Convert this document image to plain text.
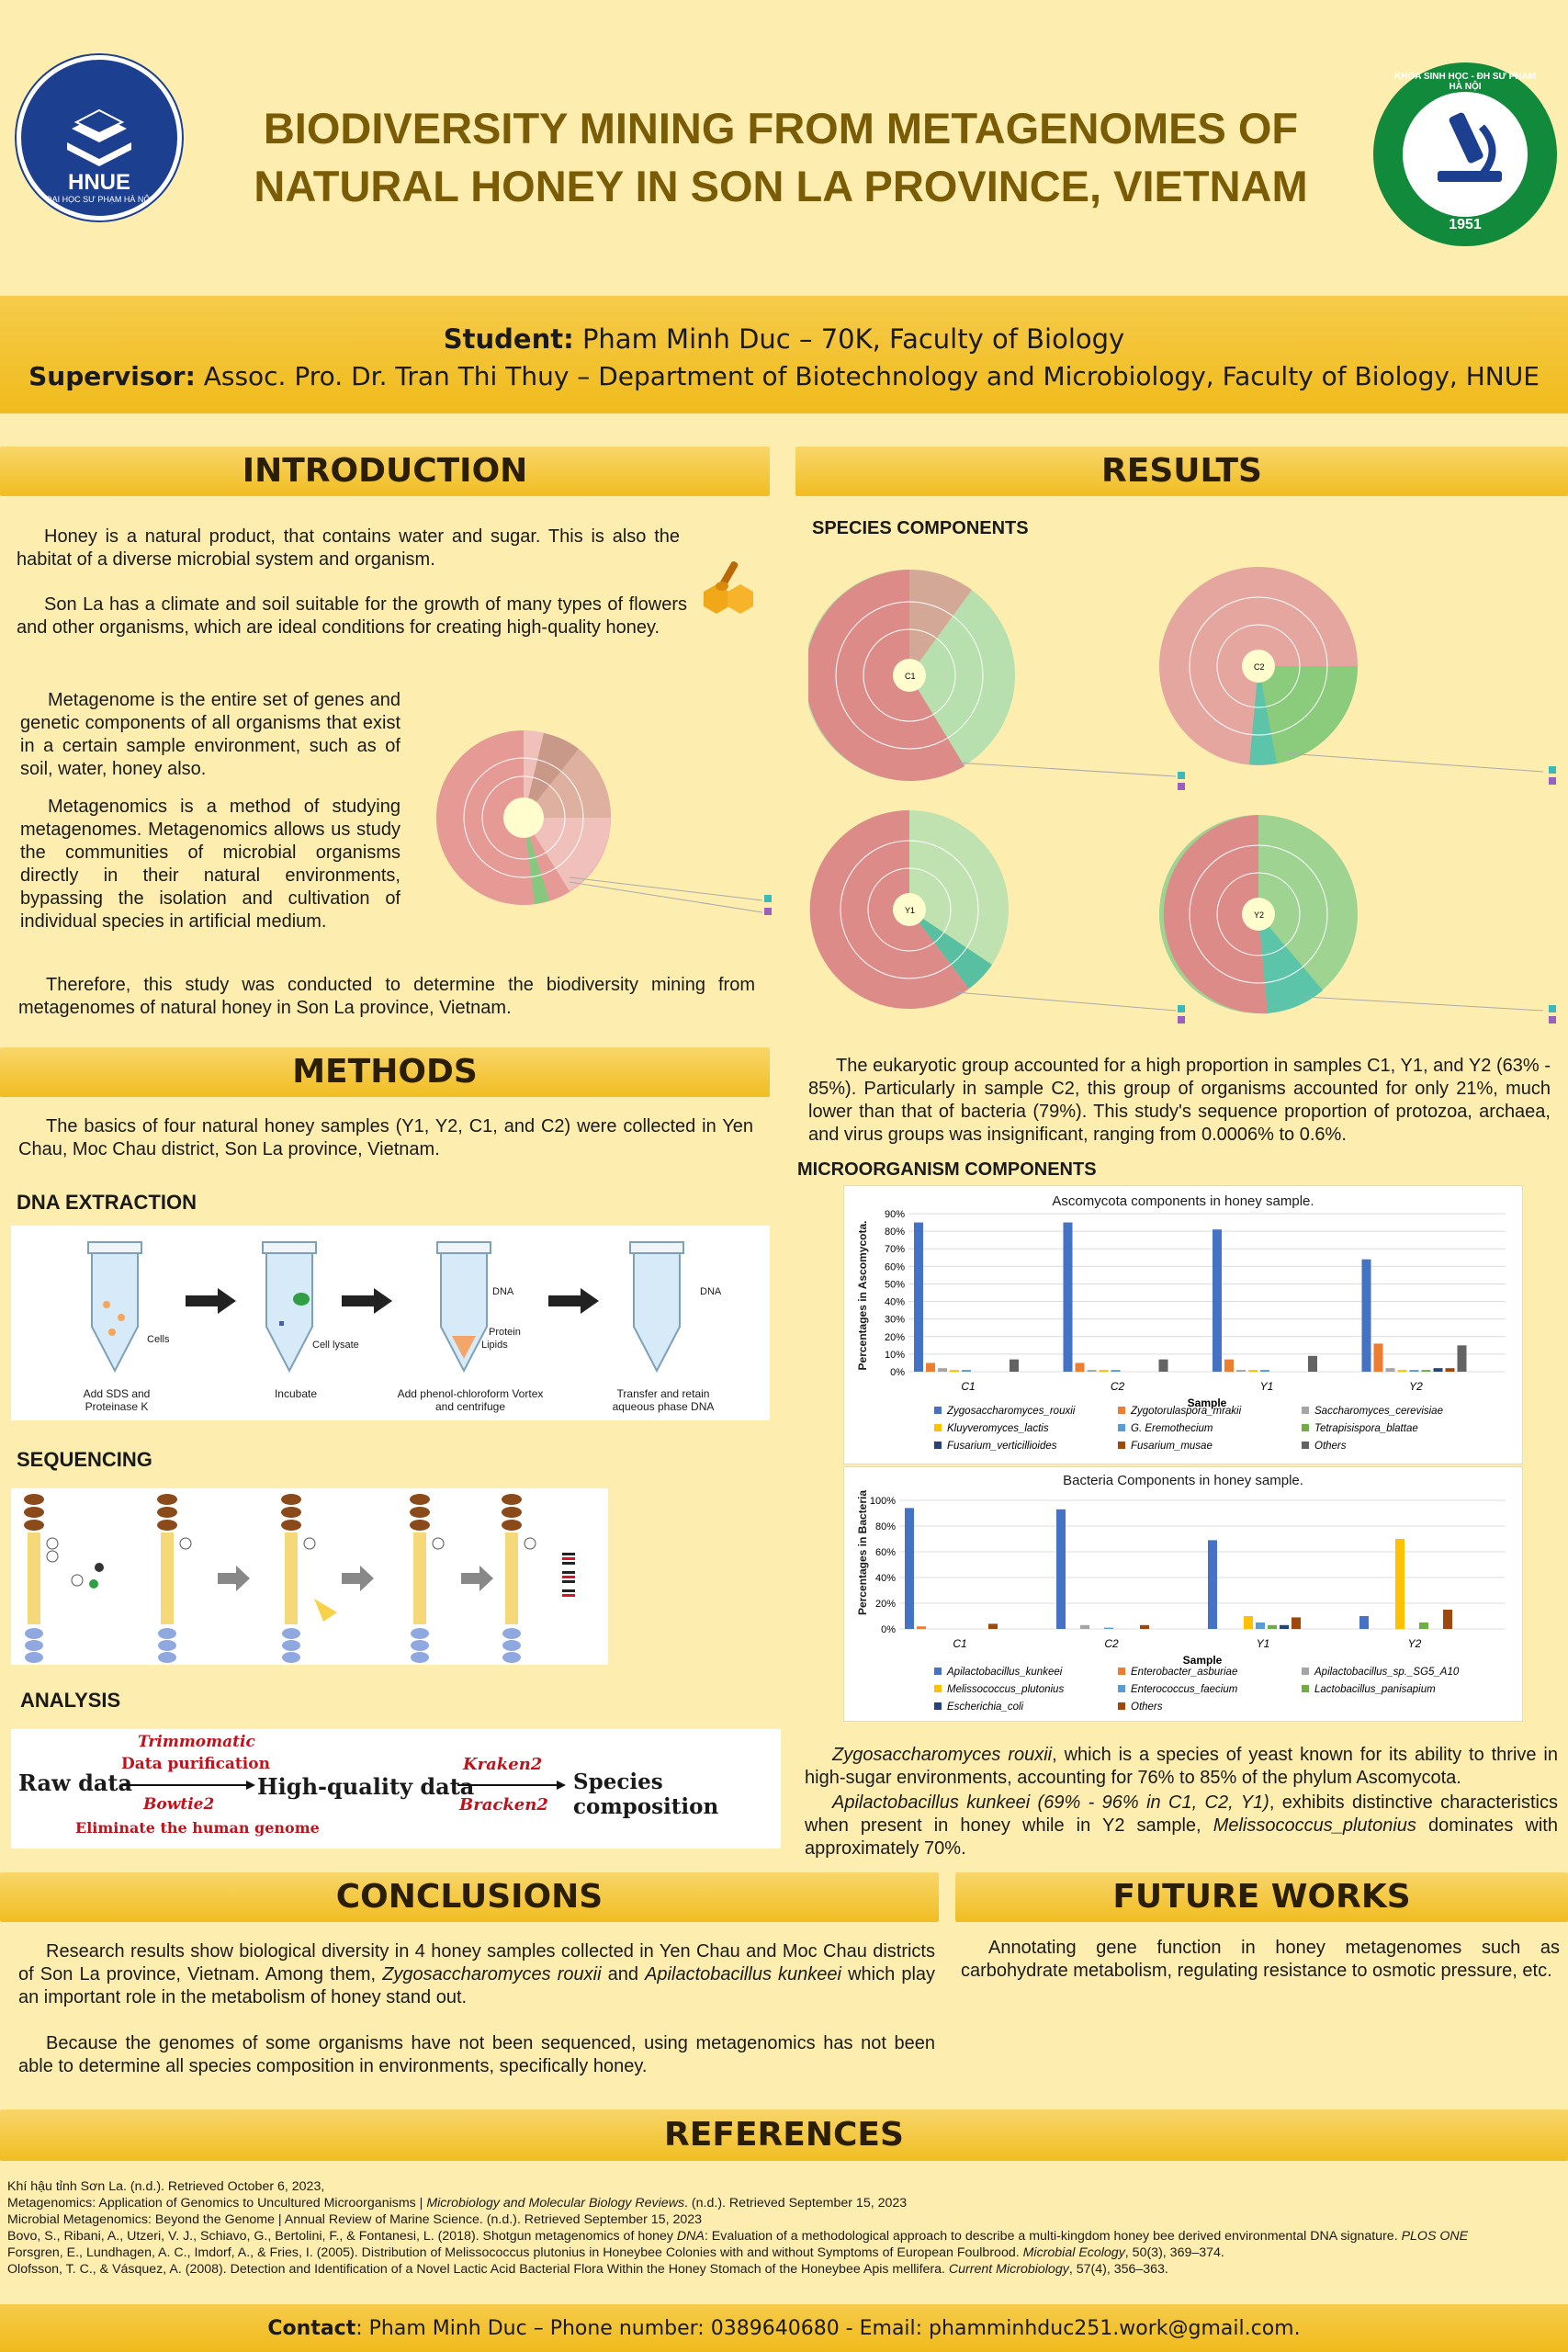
HNUE
ĐẠI HỌC SƯ PHẠM HÀ NỘI
BIODIVERSITY MINING FROM METAGENOMES OF
NATURAL HONEY IN SON LA PROVINCE, VIETNAM
KHOA SINH HỌC - ĐH SƯ PHẠM HÀ NỘI
1951
Student: Pham Minh Duc – 70K, Faculty of Biology
Supervisor: Assoc. Pro. Dr. Tran Thi Thuy – Department of Biotechnology and Microbiology, Faculty of Biology, HNUE
INTRODUCTION
Honey is a natural product, that contains water and sugar. This is also the habitat of a diverse microbial system and organism.
Son La has a climate and soil suitable for the growth of many types of flowers and other organisms, which are ideal conditions for creating high-quality honey.
Metagenome is the entire set of genes and genetic components of all organisms that exist in a certain sample environment, such as of soil, water, honey also.
Metagenomics is a method of studying metagenomes. Metagenomics allows us study the communities of microbial organisms directly in their natural environments, bypassing the isolation and cultivation of individual species in artificial medium.
Therefore, this study was conducted to determine the biodiversity mining from metagenomes of natural honey in Son La province, Vietnam.
METHODS
The basics of four natural honey samples (Y1, Y2, C1, and C2) were collected in Yen Chau, Moc Chau district, Son La province, Vietnam.
DNA EXTRACTION
Cells	Cell lysate
DNA
Protein
Lipids
DNA
Add SDS and Proteinase K
Incubate	Add phenol-chloroform Vortex and centrifuge
Transfer and retain aqueous phase DNA
SEQUENCING
ANALYSIS
Raw data
Trimmomatic
Data purification
Bowtie2
Eliminate the human genome
High-quality data
Kraken2
Bracken2
Species composition
RESULTS
SPECIES COMPONENTS
C1
C2
Y1	Y2
The eukaryotic group accounted for a high proportion in samples C1, Y1, and Y2 (63% - 85%). Particularly in sample C2, this group of organisms accounted for only 21%, much lower than that of bacteria (79%). This study's sequence proportion of protozoa, archaea, and virus groups was insignificant, ranging from 0.0006% to 0.6%.
MICROORGANISM COMPONENTS
Ascomycota components in honey sample.
Percentages in Ascomycota.
0%
10%
20%
30%
40%
50%
60%
70%
80%
90%
C1	C2	Y1	Y2
Sample
Zygosaccharomyces_rouxii	Zygotorulaspora_mrakii	Saccharomyces_cerevisiae
Kluyveromyces_lactis	G. Eremothecium	Tetrapisispora_blattae
Fusarium_verticillioides	Fusarium_musae	Others
Bacteria Components in honey sample.
Percentages in Bacteria
0%
20%
40%
60%
80%
100%
C1	C2	Y1	Y2
Sample
Apilactobacillus_kunkeei	Enterobacter_asburiae	Apilactobacillus_sp._SG5_A10
Melissococcus_plutonius	Enterococcus_faecium	Lactobacillus_panisapium
Escherichia_coli	Others
Zygosaccharomyces rouxii, which is a species of yeast known for its ability to thrive in high-sugar environments, accounting for 76% to 85% of the phylum Ascomycota.
Apilactobacillus kunkeei (69% - 96% in C1, C2, Y1), exhibits distinctive characteristics when present in honey while in Y2 sample, Melissococcus_plutonius dominates with approximately 70%.
CONCLUSIONS
Research results show biological diversity in 4 honey samples collected in Yen Chau and Moc Chau districts of Son La province, Vietnam. Among them, Zygosaccharomyces rouxii and Apilactobacillus kunkeei which play an important role in the metabolism of honey stand out.
Because the genomes of some organisms have not been sequenced, using metagenomics has not been able to determine all species composition in environments, specifically honey.
FUTURE WORKS
Annotating gene function in honey metagenomes such as carbohydrate metabolism, regulating resistance to osmotic pressure, etc.
REFERENCES
Khí hậu tỉnh Sơn La. (n.d.). Retrieved October 6, 2023,
Metagenomics: Application of Genomics to Uncultured Microorganisms | Microbiology and Molecular Biology Reviews. (n.d.). Retrieved September 15, 2023
Microbial Metagenomics: Beyond the Genome | Annual Review of Marine Science. (n.d.). Retrieved September 15, 2023
Bovo, S., Ribani, A., Utzeri, V. J., Schiavo, G., Bertolini, F., & Fontanesi, L. (2018). Shotgun metagenomics of honey DNA: Evaluation of a methodological approach to describe a multi-kingdom honey bee derived environmental DNA signature. PLOS ONE
Forsgren, E., Lundhagen, A. C., Imdorf, A., & Fries, I. (2005). Distribution of Melissococcus plutonius in Honeybee Colonies with and without Symptoms of European Foulbrood. Microbial Ecology, 50(3), 369–374.
Olofsson, T. C., & Vásquez, A. (2008). Detection and Identification of a Novel Lactic Acid Bacterial Flora Within the Honey Stomach of the Honeybee Apis mellifera. Current Microbiology, 57(4), 356–363.
Contact: Pham Minh Duc – Phone number: 0389640680 - Email: phamminhduc251.work@gmail.com.
